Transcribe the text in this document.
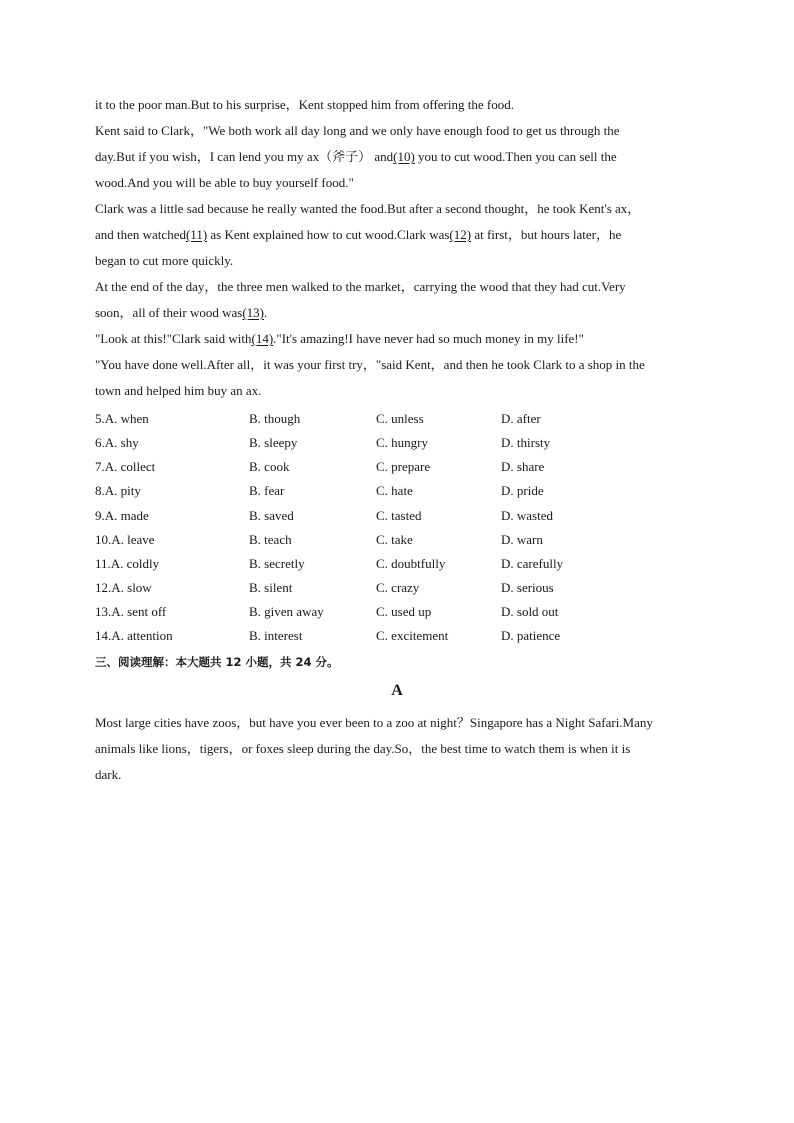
it to the poor man.But to his surprise，Kent stopped him from offering the food.
Kent said to Clark，"We both work all day long and we only have enough food to get us through the
day.But if you wish，I can lend you my ax（斧子） and(10) you to cut wood.Then you can sell the
wood.And you will be able to buy yourself food."
Clark was a little sad because he really wanted the food.But after a second thought，he took Kent's ax，
and then watched(11) as Kent explained how to cut wood.Clark was(12) at first，but hours later，he
began to cut more quickly.
At the end of the day，the three men walked to the market，carrying the wood that they had cut.Very
soon，all of their wood was(13).
"Look at this!"Clark said with(14)."It's amazing!I have never had so much money in my life!"
"You have done well.After all，it was your first try，"said Kent，and then he took Clark to a shop in the
town and helped him buy an ax.
5.A. when	B. though	C. unless	D. after
6.A. shy	B. sleepy	C. hungry	D. thirsty
7.A. collect	B. cook	C. prepare	D. share
8.A. pity	B. fear	C. hate	D. pride
9.A. made	B. saved	C. tasted	D. wasted
10.A. leave	B. teach	C. take	D. warn
11.A. coldly	B. secretly	C. doubtfully	D. carefully
12.A. slow	B. silent	C. crazy	D. serious
13.A. sent off	B. given away	C. used up	D. sold out
14.A. attention	B. interest	C. excitement	D. patience
三、阅读理解：本大题共 12 小题，共 24 分。
A
Most large cities have zoos，but have you ever been to a zoo at night？Singapore has a Night Safari.Many
animals like lions，tigers，or foxes sleep during the day.So，the best time to watch them is when it is
dark.
